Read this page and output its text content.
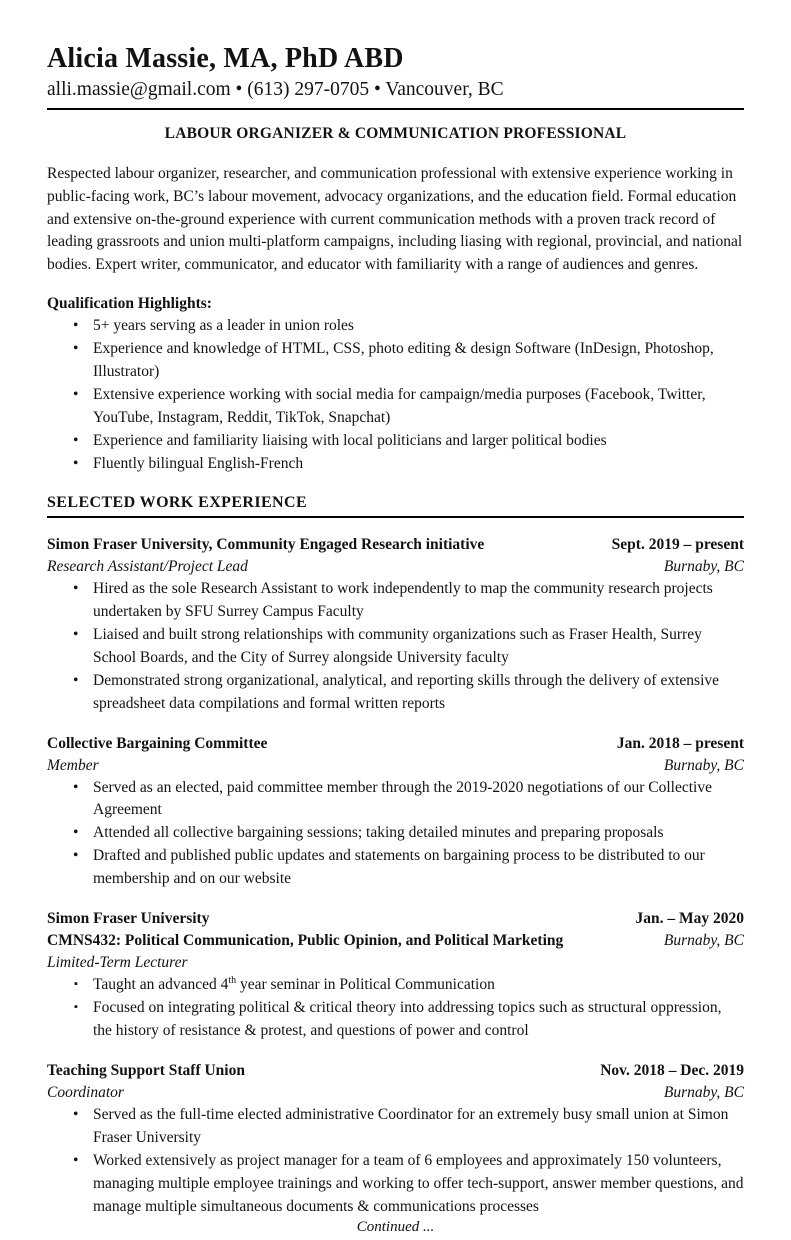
Alicia Massie, MA, PhD ABD
alli.massie@gmail.com • (613) 297-0705 • Vancouver, BC
LABOUR ORGANIZER & COMMUNICATION PROFESSIONAL
Respected labour organizer, researcher, and communication professional with extensive experience working in public-facing work, BC’s labour movement, advocacy organizations, and the education field. Formal education and extensive on-the-ground experience with current communication methods with a proven track record of leading grassroots and union multi-platform campaigns, including liasing with regional, provincial, and national bodies. Expert writer, communicator, and educator with familiarity with a range of audiences and genres.
Qualification Highlights:
• 5+ years serving as a leader in union roles
• Experience and knowledge of HTML, CSS, photo editing & design Software (InDesign, Photoshop, Illustrator)
• Extensive experience working with social media for campaign/media purposes (Facebook, Twitter, YouTube, Instagram, Reddit, TikTok, Snapchat)
• Experience and familiarity liaising with local politicians and larger political bodies
• Fluently bilingual English-French
SELECTED WORK EXPERIENCE
Simon Fraser University, Community Engaged Research initiative	Sept. 2019 – present
Research Assistant/Project Lead	Burnaby, BC
• Hired as the sole Research Assistant to work independently to map the community research projects undertaken by SFU Surrey Campus Faculty
• Liaised and built strong relationships with community organizations such as Fraser Health, Surrey School Boards, and the City of Surrey alongside University faculty
• Demonstrated strong organizational, analytical, and reporting skills through the delivery of extensive spreadsheet data compilations and formal written reports
Collective Bargaining Committee	Jan. 2018 – present
Member	Burnaby, BC
• Served as an elected, paid committee member through the 2019-2020 negotiations of our Collective Agreement
• Attended all collective bargaining sessions; taking detailed minutes and preparing proposals
• Drafted and published public updates and statements on bargaining process to be distributed to our membership and on our website
Simon Fraser University	Jan. – May 2020
CMNS432: Political Communication, Public Opinion, and Political Marketing	Burnaby, BC
Limited-Term Lecturer
▪ Taught an advanced 4th year seminar in Political Communication
▪ Focused on integrating political & critical theory into addressing topics such as structural oppression, the history of resistance & protest, and questions of power and control
Teaching Support Staff Union	Nov. 2018 – Dec. 2019
Coordinator	Burnaby, BC
• Served as the full-time elected administrative Coordinator for an extremely busy small union at Simon Fraser University
• Worked extensively as project manager for a team of 6 employees and approximately 150 volunteers, managing multiple employee trainings and working to offer tech-support, answer member questions, and manage multiple simultaneous documents & communications processes
Continued ...
